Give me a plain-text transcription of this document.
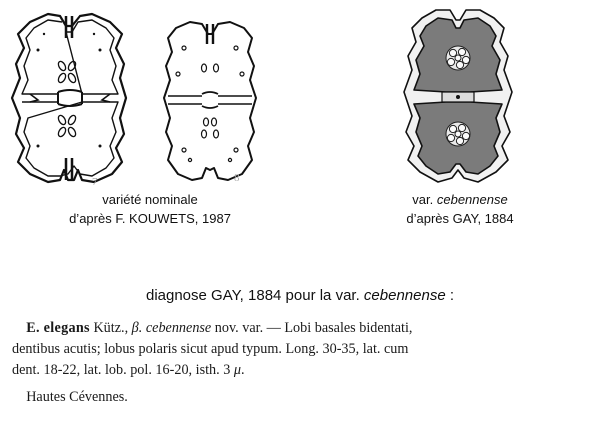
7	8
variété nominale
d’après F. KOUWETS, 1987
var. cebennense
d’après GAY, 1884
diagnose GAY, 1884 pour la var. cebennense :

E. elegans Kütz., β. cebennense nov. var. — Lobi basales bidentati,

dentibus acutis; lobus polaris sicut apud typum. Long. 30-35, lat. cum

dent. 18-22, lat. lob. pol. 16-20, isth. 3 μ.

Hautes Cévennes.
